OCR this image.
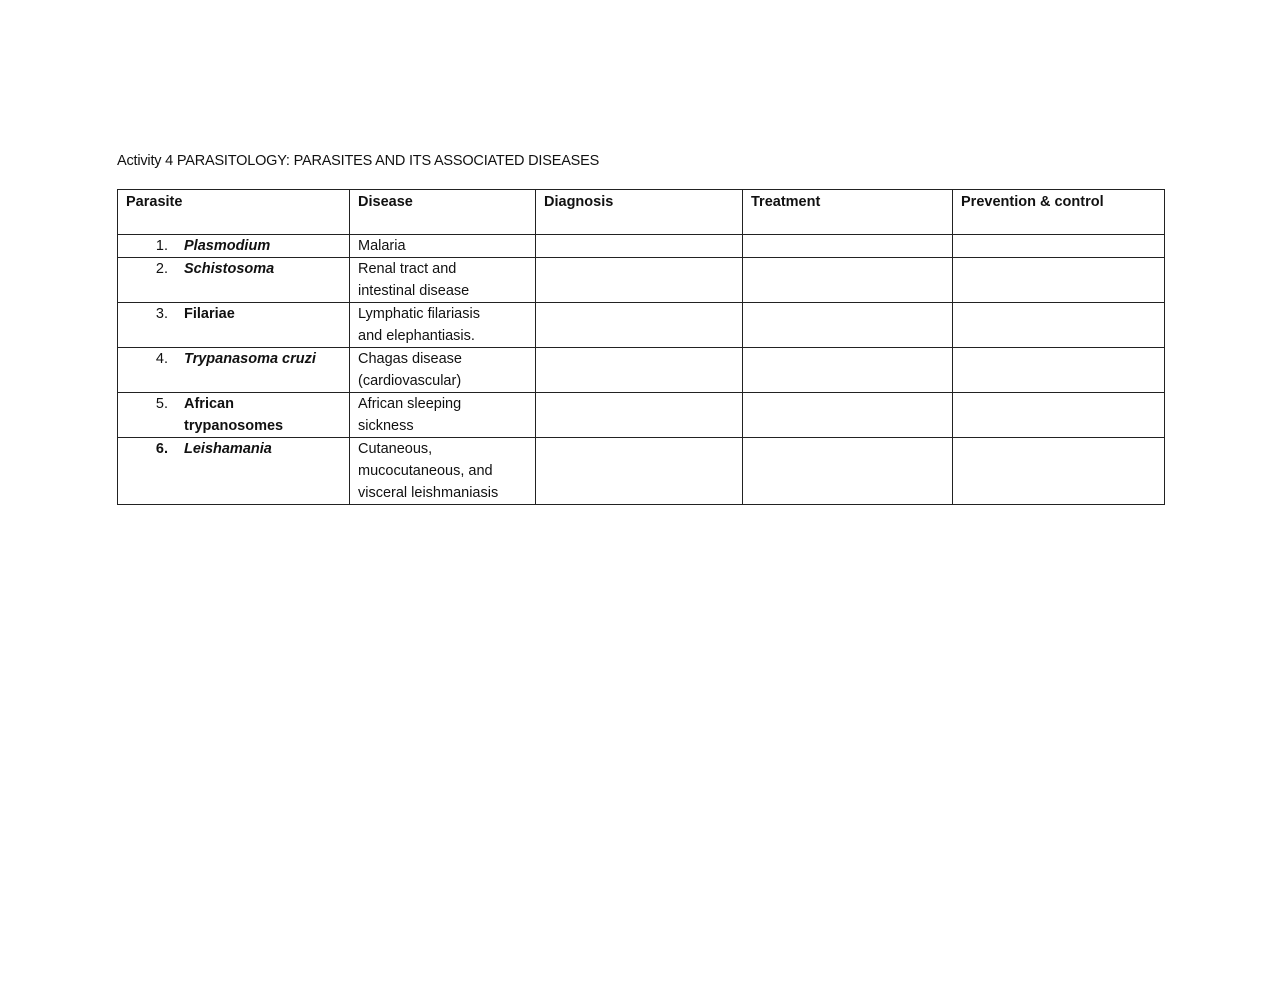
Activity 4 PARASITOLOGY: PARASITES AND ITS ASSOCIATED DISEASES
Parasite	Disease	Diagnosis	Treatment	Prevention & control

1. Plasmodium	Malaria			

2. Schistosoma	Renal tract and
intestinal disease			

3. Filariae	Lymphatic filariasis
and elephantiasis.			

4. Trypanasoma cruzi	Chagas disease
(cardiovascular)			

5. African
trypanosomes	African sleeping
sickness			

6. Leishamania	Cutaneous,
mucocutaneous, and
visceral leishmaniasis			
